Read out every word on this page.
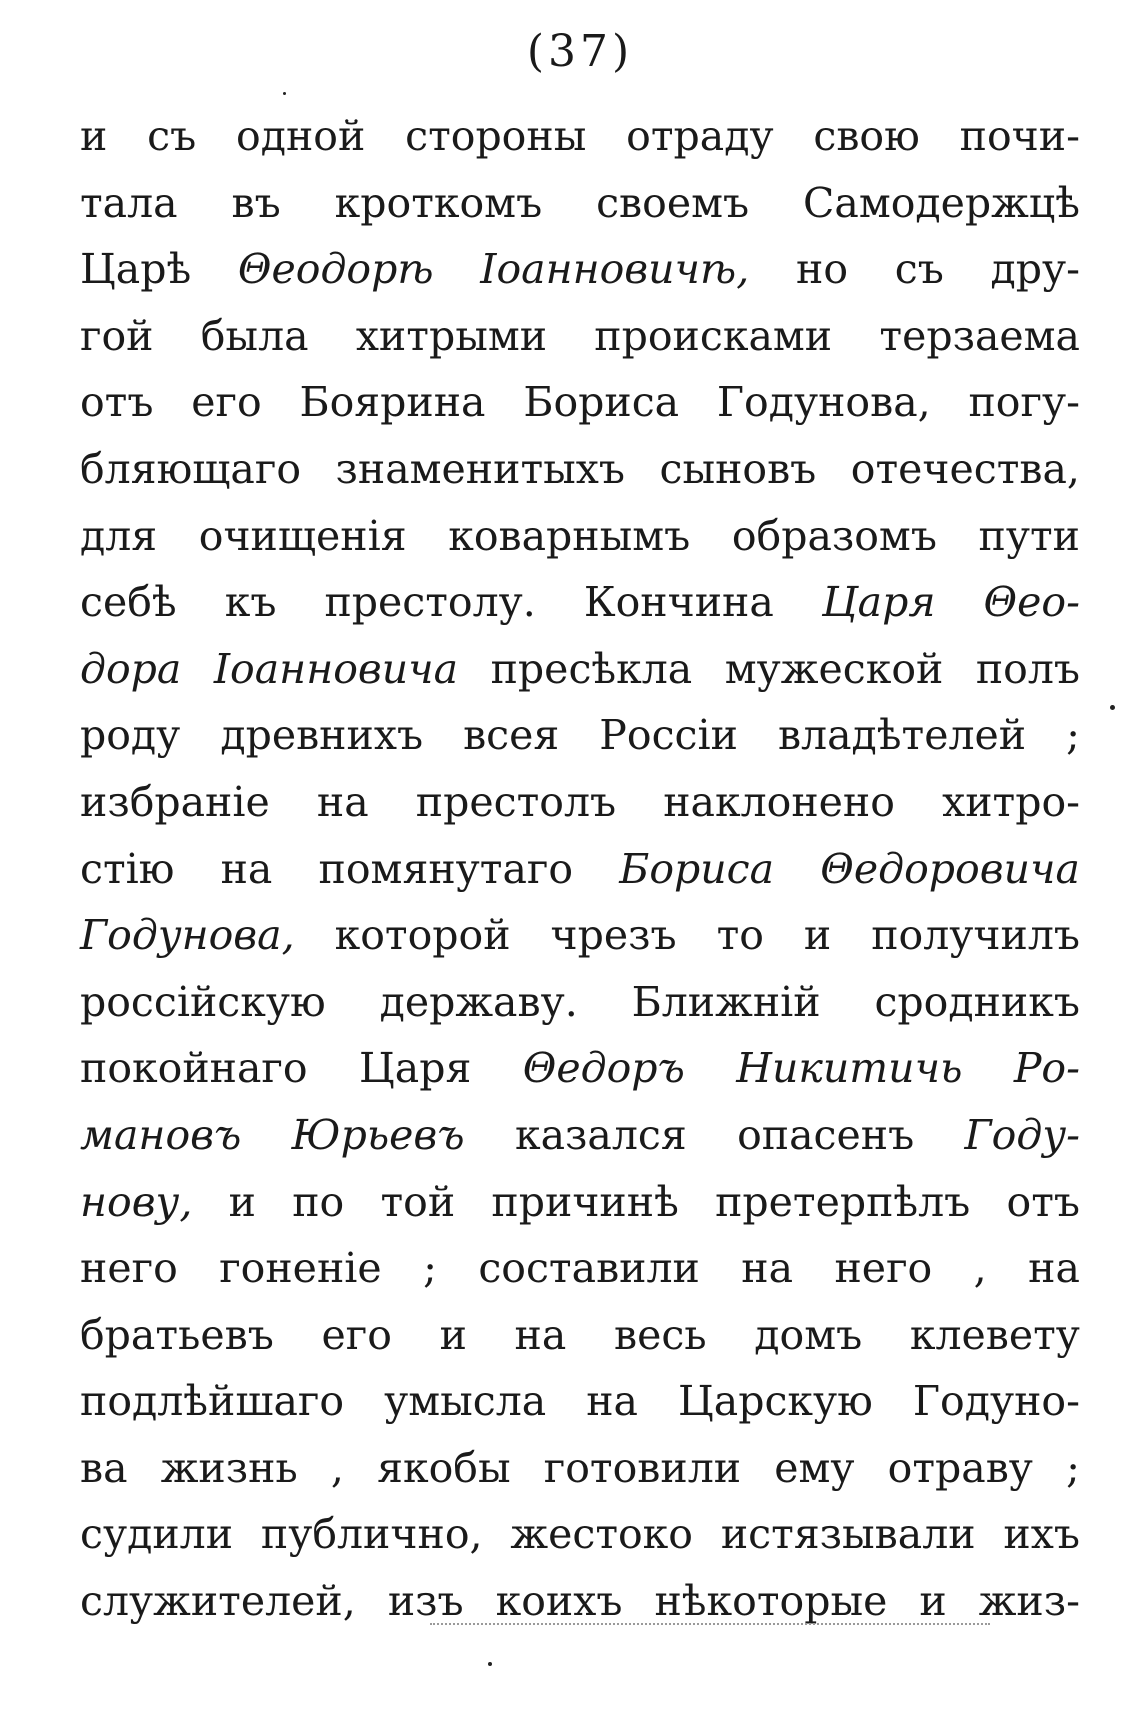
(37)
и съ одной стороны отраду свою почи-
тала въ кроткомъ своемъ Самодержцѣ
Царѣ Θеодорѣ Іоанновичѣ, но съ дру-
гой была хитрыми происками терзаема
отъ его Боярина Бориса Годунова, погу-
бляющаго знаменитыхъ сыновъ отечества,
для очищенія коварнымъ образомъ пути
себѣ къ престолу. Кончина Царя Θео-
дора Іоанновича пресѣкла мужеской полъ
роду древнихъ всея Россіи владѣтелей ;
избраніе на престолъ наклонено хитро-
стію на помянутаго Бориса Θедоровича
Годунова, которой чрезъ то и получилъ
россійскую державу. Ближній сродникъ
покойнаго Царя Θедоръ Никитичь Ро-
мановъ Юрьевъ казался опасенъ Году-
нову, и по той причинѣ претерпѣлъ отъ
него гоненіе ; составили на него , на
братьевъ его и на весь домъ клевету
подлѣйшаго умысла на Царскую Годуно-
ва жизнь , якобы готовили ему отраву ;
судили публично, жестоко истязывали ихъ
служителей, изъ коихъ нѣкоторые и жиз-
